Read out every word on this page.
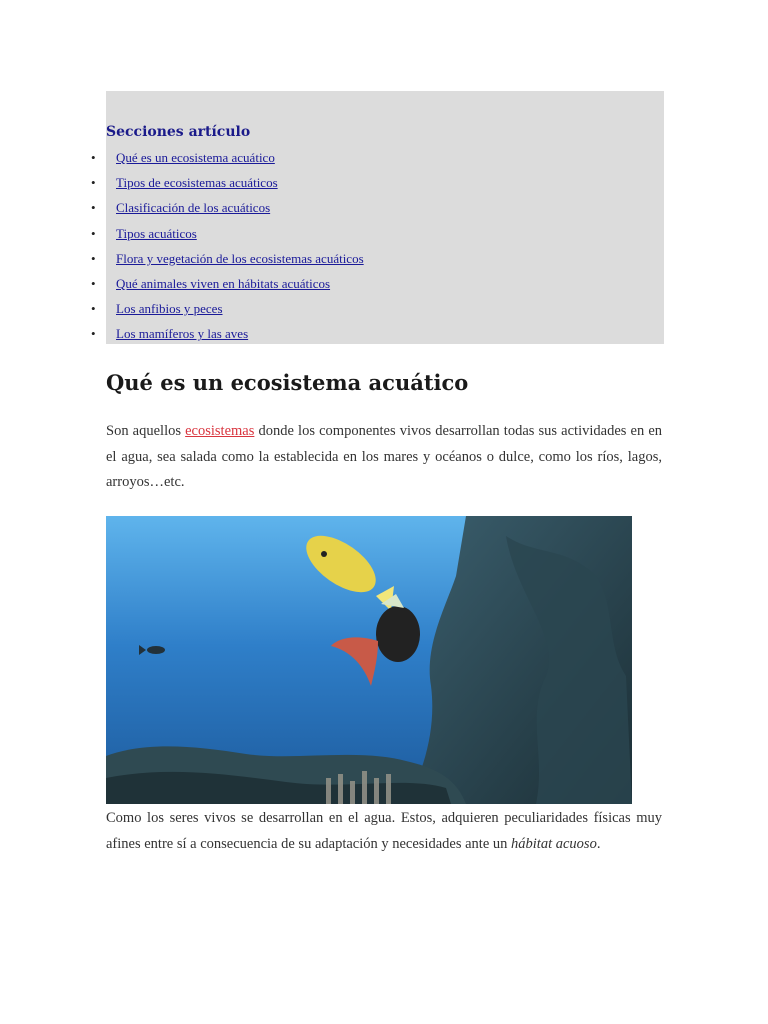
Secciones artículo

• Qué es un ecosistema acuático
• Tipos de ecosistemas acuáticos
• Clasificación de los acuáticos
• Tipos acuáticos
• Flora y vegetación de los ecosistemas acuáticos
• Qué animales viven en hábitats acuáticos
• Los anfibios y peces
• Los mamíferos y las aves
Qué es un ecosistema acuático

Son aquellos ecosistemas donde los componentes vivos desarrollan todas sus actividades en en el agua, sea salada como la establecida en los mares y océanos o dulce, como los ríos, lagos, arroyos…etc.

Como los seres vivos se desarrollan en el agua. Estos, adquieren peculiaridades físicas muy afines entre sí a consecuencia de su adaptación y necesidades ante un hábitat acuoso.
